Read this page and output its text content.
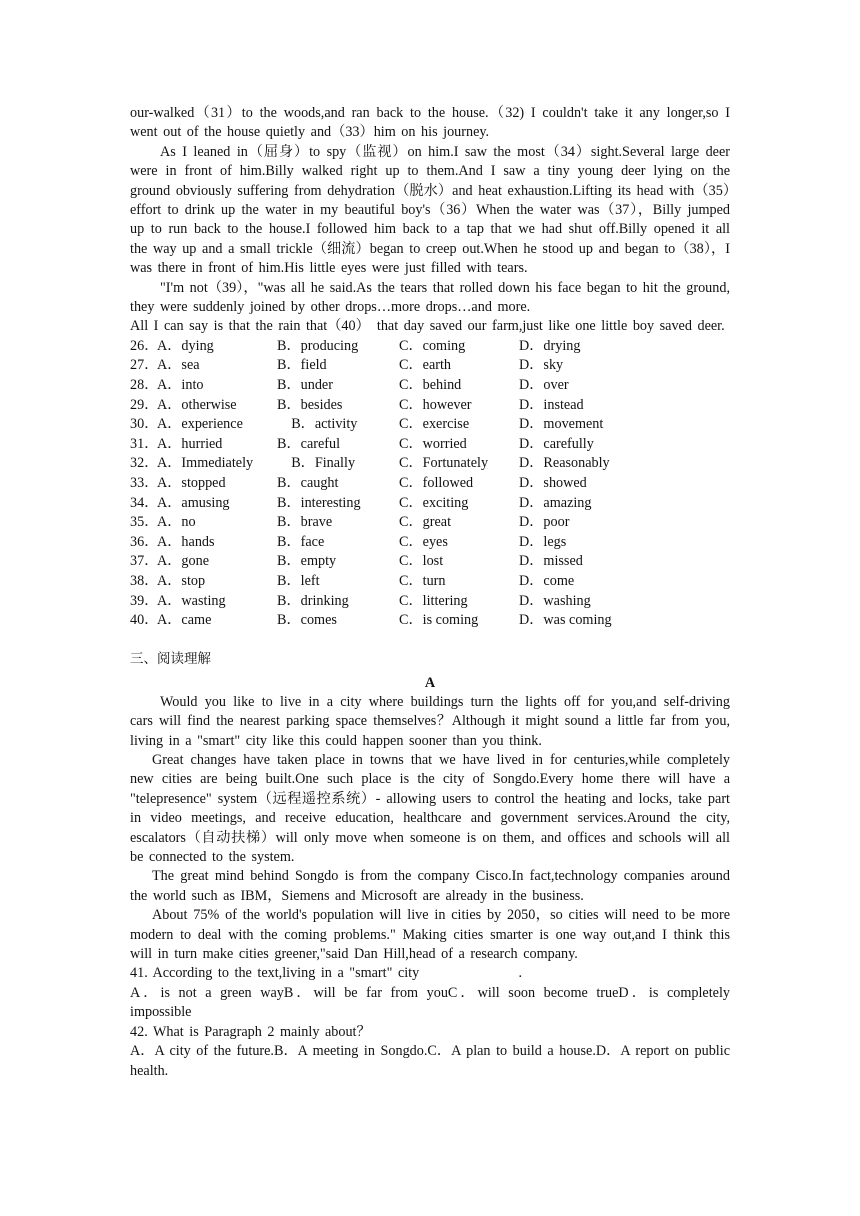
our-walked（31）to the woods,and ran back to the house.（32) I couldn't take it any longer,so I went out of the house quietly and（33）him on his journey.

As I leaned in（屈身）to spy（监视）on him.I saw the most（34）sight.Several large deer were in front of him.Billy walked right up to them.And I saw a tiny young deer lying on the ground obviously suffering from dehydration（脱水）and heat exhaustion.Lifting its head with（35）effort to drink up the water in my beautiful boy's（36）When the water was（37），Billy jumped up to run back to the house.I followed him back to a tap that we had shut off.Billy opened it all the way up and a small trickle（细流）began to creep out.When he stood up and began to（38），I was there in front of him.His little eyes were just filled with tears.

"I'm not（39），"was all he said.As the tears that rolled down his face began to hit the ground, they were suddenly joined by other drops…more drops…and more.

All I can say is that the rain that（40）　that day saved our farm,just like one little boy saved deer.

26．
A．dying	B．producing	C．coming	D．drying
27．
A．sea	B．field	C．earth	D．sky
28．
A．into	B．under	C．behind	D．over
29．
A．otherwise	B．besides	C．however	D．instead
30．
A．experience	　B．activity	C．exercise	D．movement
31．
A．hurried	B．careful	C．worried	D．carefully
32．
A．Immediately	　B．Finally	C．Fortunately	D．Reasonably
33．
A．stopped	B．caught	C．followed	D．showed
34．
A．amusing	B．interesting	C．exciting	D．amazing
35．
A．no	B．brave	C．great	D．poor
36．
A．hands	B．face	C．eyes	D．legs
37．
A．gone	B．empty	C．lost	D．missed
38．
A．stop	B．left	C．turn	D．come
39．
A．wasting	B．drinking	C．littering	D．washing
40．
A．came	B．comes	C．is coming	D．was coming
三、阅读理解
A

Would you like to live in a city where buildings turn the lights off for you,and self-driving cars will find the nearest parking space themselves？Although it might sound a little far from you, living in a "smart" city like this could happen sooner than you think.

Great changes have taken place in towns that we have lived in for centuries,while completely new cities are being built.One such place is the city of Songdo.Every home there will have a "telepresence" system（远程遥控系统）- allowing users to control the heating and locks, take part in video meetings, and receive education, healthcare and government services.Around the city, escalators（自动扶梯）will only move when someone is on them, and offices and schools will all be connected to the system.

The great mind behind Songdo is from the company Cisco.In fact,technology companies around the world such as IBM，Siemens and Microsoft are already in the business.

About 75% of the world's population will live in cities by 2050，so cities will need to be more modern to deal with the coming problems." Making cities smarter is one way out,and I think this will in turn make cities greener,"said Dan Hill,head of a research company.

41. According to the text,living in a "smart" city　　　　　　　.

A．is not a green wayB．will be far from youC．will soon become trueD．is completely impossible

42. What is Paragraph 2 mainly about？

A．A city of the future.B．A meeting in Songdo.C．A plan to build a house.D．A report on public health.
